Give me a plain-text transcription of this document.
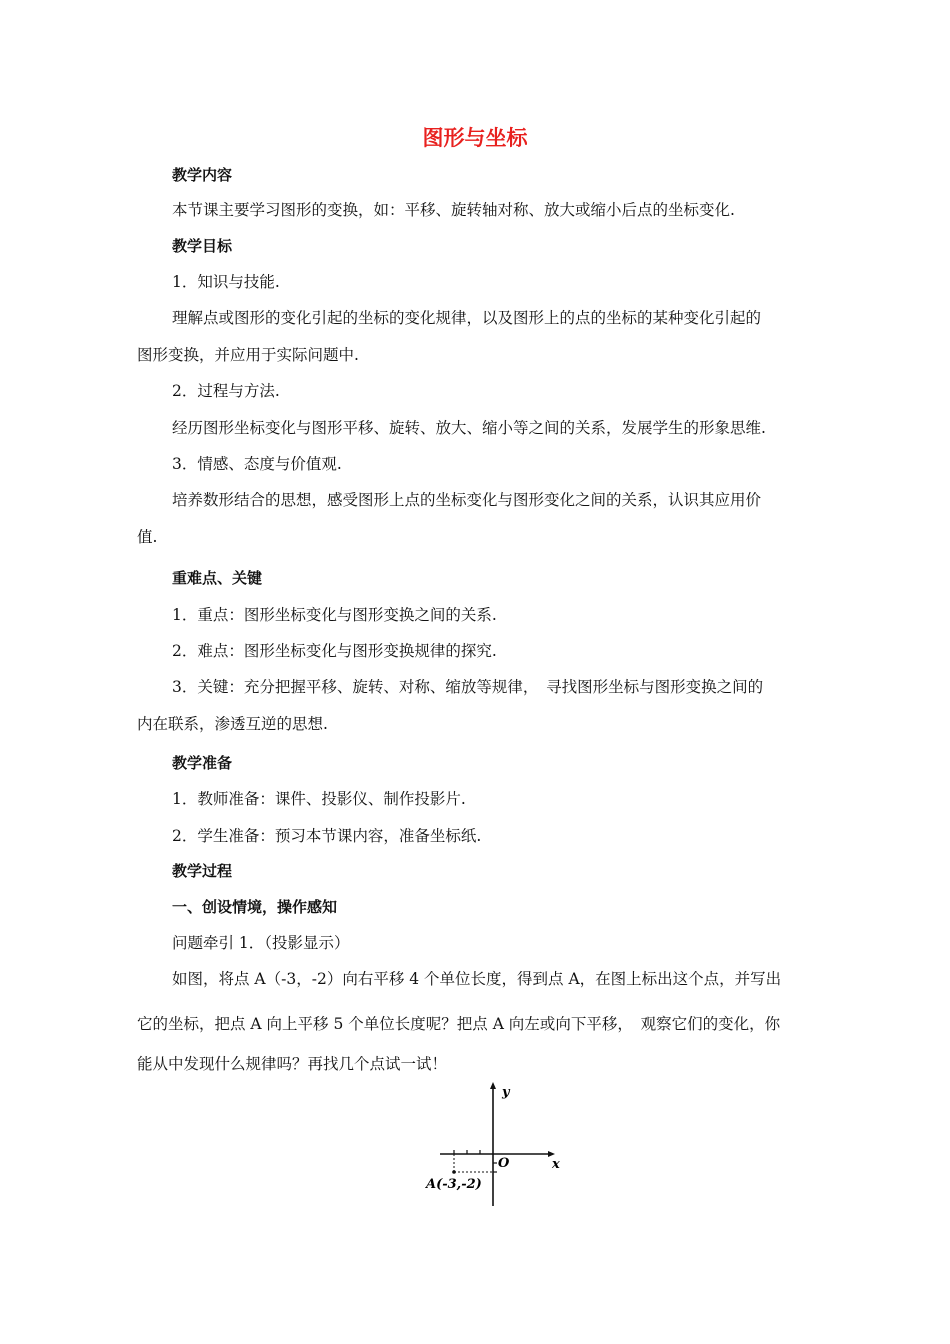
图形与坐标
教学内容
本节课主要学习图形的变换，如：平移、旋转轴对称、放大或缩小后点的坐标变化.
教学目标
1．知识与技能.
理解点或图形的变化引起的坐标的变化规律，以及图形上的点的坐标的某种变化引起的
图形变换，并应用于实际问题中.
2．过程与方法.
经历图形坐标变化与图形平移、旋转、放大、缩小等之间的关系，发展学生的形象思维.
3．情感、态度与价值观.
培养数形结合的思想，感受图形上点的坐标变化与图形变化之间的关系，认识其应用价
值.
重难点、关键
1．重点：图形坐标变化与图形变换之间的关系.
2．难点：图形坐标变化与图形变换规律的探究.
3．关键：充分把握平移、旋转、对称、缩放等规律，　寻找图形坐标与图形变换之间的
内在联系，渗透互逆的思想.
教学准备
1．教师准备：课件、投影仪、制作投影片.
2．学生准备：预习本节课内容，准备坐标纸.
教学过程
一、创设情境，操作感知
问题牵引 1．（投影显示）
如图，将点 A（-3，-2）向右平移 4 个单位长度，得到点 A，在图上标出这个点，并写出
它的坐标，把点 A 向上平移 5 个单位长度呢？把点 A 向左或向下平移，　观察它们的变化，你
能从中发现什么规律吗？再找几个点试一试！
y
x
O
A(-3,-2)
